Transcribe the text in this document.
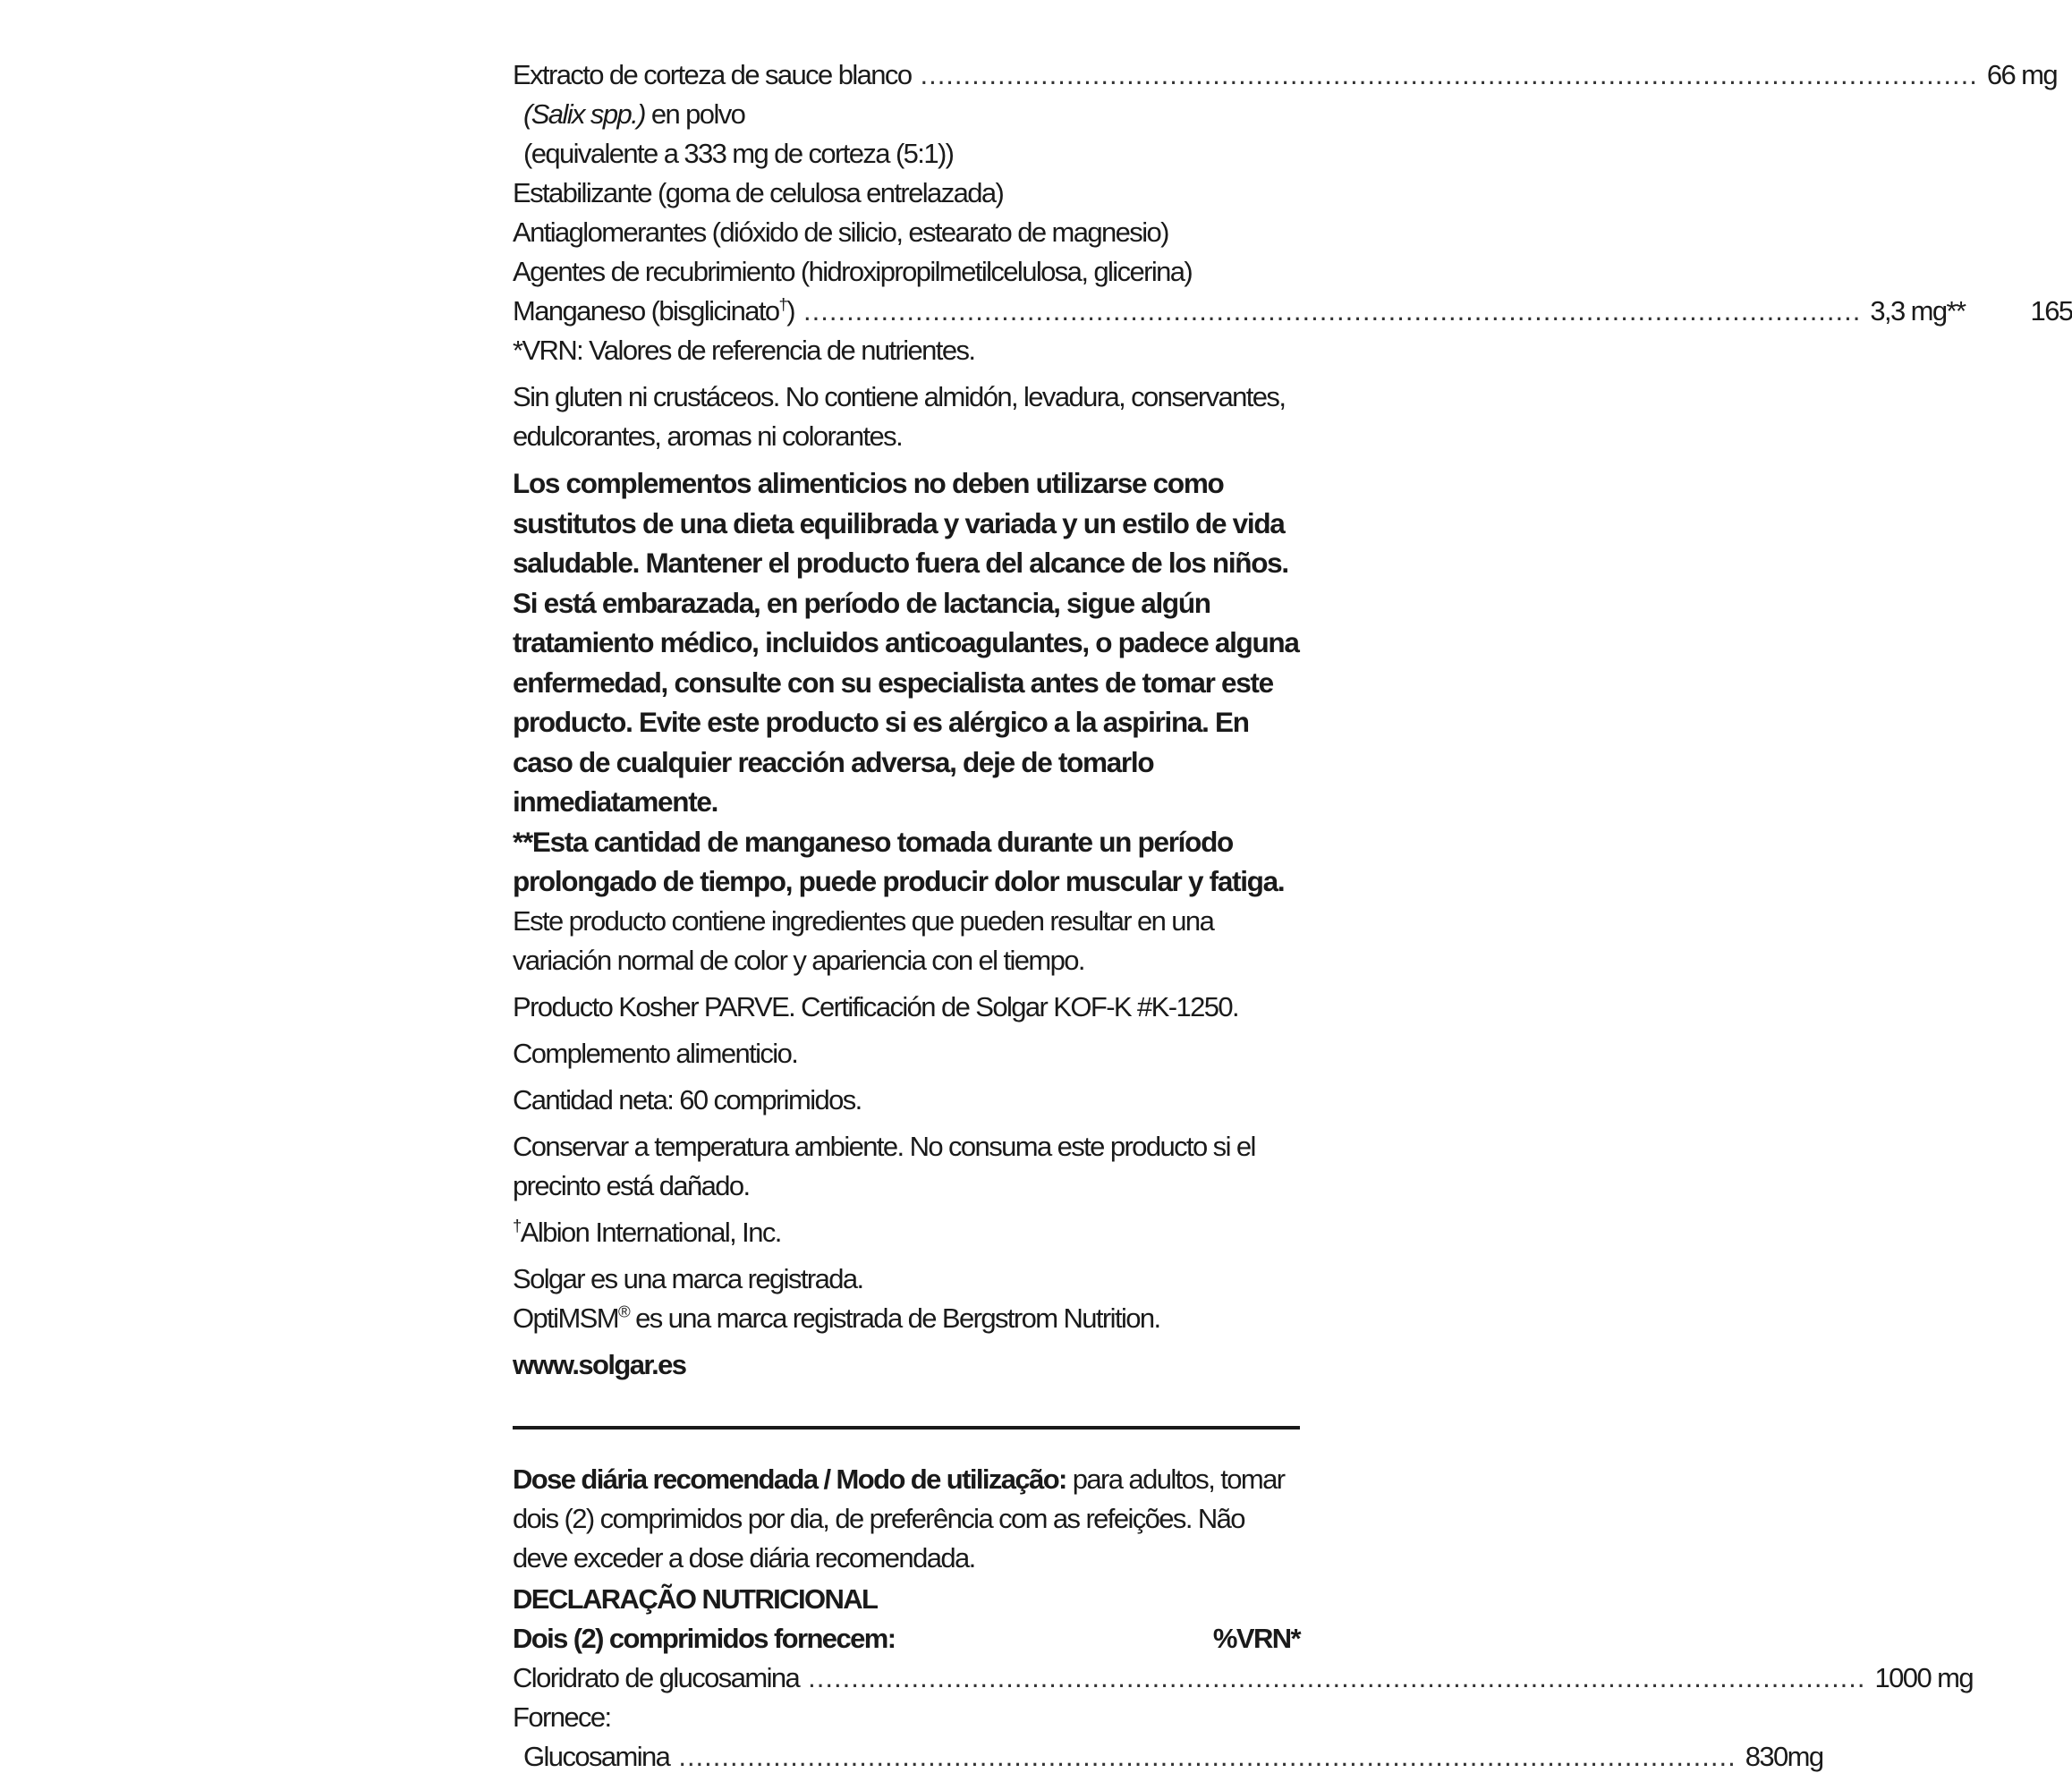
Extracto de corteza de sauce blanco ........................................................................................................................... 66 mg
(Salix spp.) en polvo
(equivalente a 333 mg de corteza (5:1))
Estabilizante (goma de celulosa entrelazada)
Antiaglomerantes (dióxido de silicio, estearato de magnesio)
Agentes de recubrimiento (hidroxipropilmetilcelulosa, glicerina)
Manganeso (bisglicinato†) ........................................................................................................................... 3,3 mg**	165
*VRN: Valores de referencia de nutrientes.

Sin gluten ni crustáceos. No contiene almidón, levadura, conservantes, edulcorantes, aromas ni colorantes.

Los complementos alimenticios no deben utilizarse como sustitutos de una dieta equilibrada y variada y un estilo de vida saludable. Mantener el producto fuera del alcance de los niños. Si está embarazada, en período de lactancia, sigue algún tratamiento médico, incluidos anticoagulantes, o padece alguna enfermedad, consulte con su especialista antes de tomar este producto. Evite este producto si es alérgico a la aspirina. En caso de cualquier reacción adversa, deje de tomarlo inmediatamente.

**Esta cantidad de manganeso tomada durante un período prolongado de tiempo, puede producir dolor muscular y fatiga.

Este producto contiene ingredientes que pueden resultar en una variación normal de color y apariencia con el tiempo.

Producto Kosher PARVE. Certificación de Solgar KOF-K #K-1250.

Complemento alimenticio.

Cantidad neta: 60 comprimidos.

Conservar a temperatura ambiente. No consuma este producto si el precinto está dañado.

†Albion International, Inc.

Solgar es una marca registrada.

OptiMSM® es una marca registrada de Bergstrom Nutrition.

www.solgar.es

Dose diária recomendada / Modo de utilização: para adultos, tomar dois (2) comprimidos por dia, de preferência com as refeições. Não deve exceder a dose diária recomendada.

DECLARAÇÃO NUTRICIONAL
Dois (2) comprimidos fornecem:	%VRN*
Cloridrato de glucosamina ........................................................................................................................... 1000 mg
Fornece:
Glucosamina ........................................................................................................................... 830mg
